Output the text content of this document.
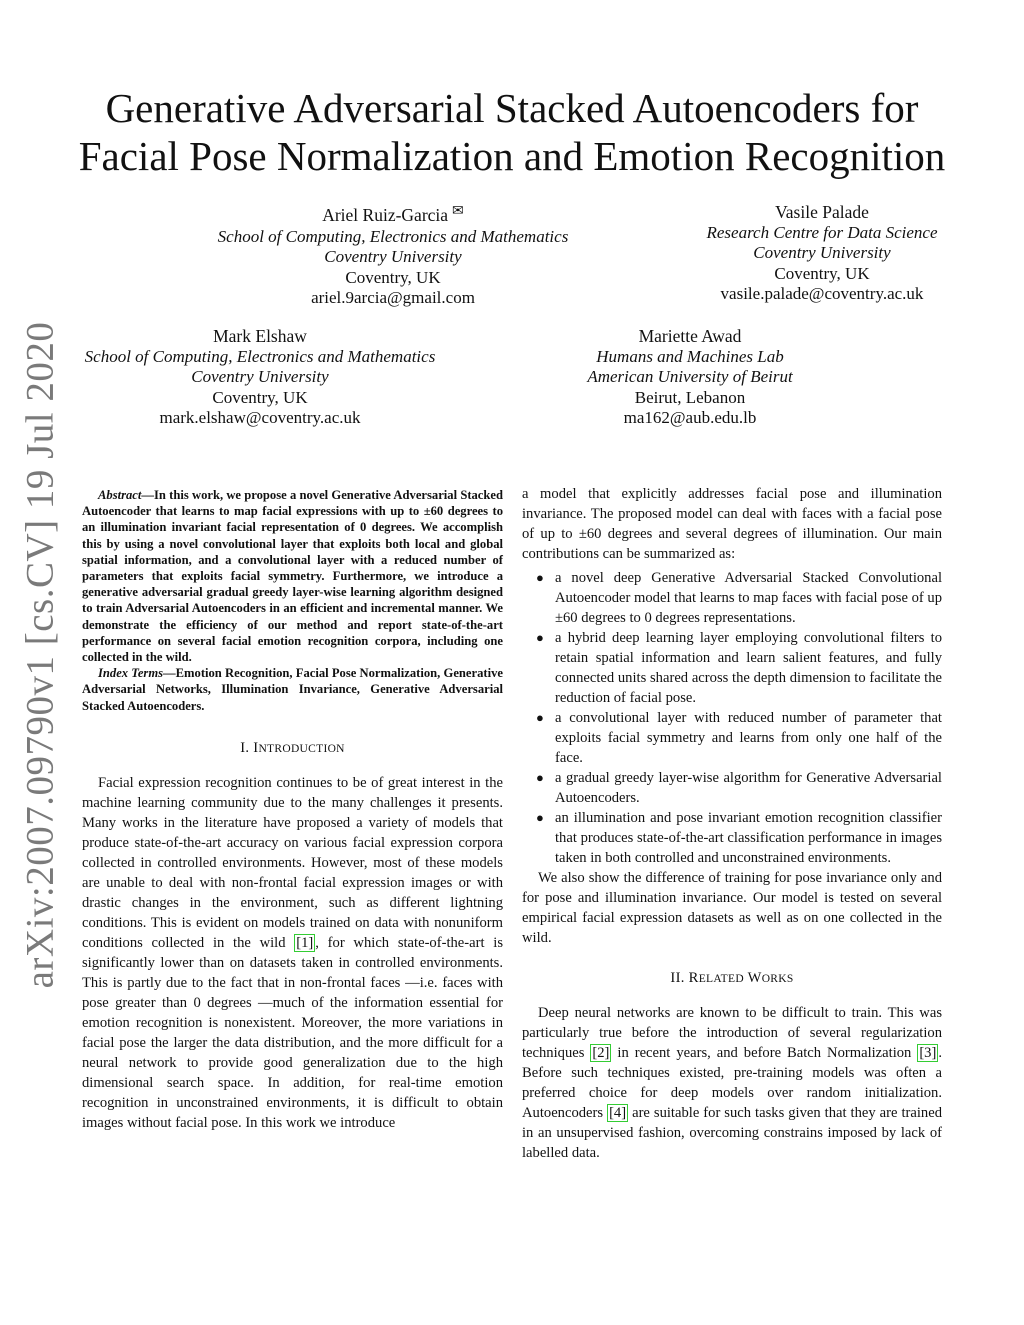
arXiv:2007.09790v1 [cs.CV] 19 Jul 2020
Generative Adversarial Stacked Autoencoders for
Facial Pose Normalization and Emotion Recognition
Ariel Ruiz-Garcia ✉
School of Computing, Electronics and Mathematics
Coventry University
Coventry, UK
ariel.9arcia@gmail.com
Vasile Palade
Research Centre for Data Science
Coventry University
Coventry, UK
vasile.palade@coventry.ac.uk
Mark Elshaw
School of Computing, Electronics and Mathematics
Coventry University
Coventry, UK
mark.elshaw@coventry.ac.uk
Mariette Awad
Humans and Machines Lab
American University of Beirut
Beirut, Lebanon
ma162@aub.edu.lb

Abstract—In this work, we propose a novel Generative Adversarial Stacked Autoencoder that learns to map facial expressions with up to ±60 degrees to an illumination invariant facial representation of 0 degrees. We accomplish this by using a novel convolutional layer that exploits both local and global spatial information, and a convolutional layer with a reduced number of parameters that exploits facial symmetry. Furthermore, we introduce a generative adversarial gradual greedy layer-wise learning algorithm designed to train Adversarial Autoencoders in an efficient and incremental manner. We demonstrate the efficiency of our method and report state-of-the-art performance on several facial emotion recognition corpora, including one collected in the wild.

Index Terms—Emotion Recognition, Facial Pose Normalization, Generative Adversarial Networks, Illumination Invariance, Generative Adversarial Stacked Autoencoders.

I. INTRODUCTION

Facial expression recognition continues to be of great interest in the machine learning community due to the many challenges it presents. Many works in the literature have proposed a variety of models that produce state-of-the-art accuracy on various facial expression corpora collected in controlled environments. However, most of these models are unable to deal with non-frontal facial expression images or with drastic changes in the environment, such as different lightning conditions. This is evident on models trained on data with nonuniform conditions collected in the wild [1] , for which state-of-the-art is significantly lower than on datasets taken in controlled environments. This is partly due to the fact that in non-frontal faces —i.e. faces with pose greater than 0 degrees —much of the information essential for emotion recognition is nonexistent. Moreover, the more variations in facial pose the larger the data distribution, and the more difficult for a neural network to provide good generalization due to the high dimensional search space. In addition, for real-time emotion recognition in unconstrained environments, it is difficult to obtain images without facial pose. In this work we introduce

a model that explicitly addresses facial pose and illumination invariance. The proposed model can deal with faces with a facial pose of up to ±60 degrees and several degrees of illumination. Our main contributions can be summarized as:

● a novel deep Generative Adversarial Stacked Convolutional Autoencoder model that learns to map faces with facial pose of up ±60 degrees to 0 degrees representations.
● a hybrid deep learning layer employing convolutional filters to retain spatial information and learn salient features, and fully connected units shared across the depth dimension to facilitate the reduction of facial pose.
● a convolutional layer with reduced number of parameter that exploits facial symmetry and learns from only one half of the face.
● a gradual greedy layer-wise algorithm for Generative Adversarial Autoencoders.
● an illumination and pose invariant emotion recognition classifier that produces state-of-the-art classification performance in images taken in both controlled and unconstrained environments.

We also show the difference of training for pose invariance only and for pose and illumination invariance. Our model is tested on several empirical facial expression datasets as well as on one collected in the wild.

II. RELATED WORKS

Deep neural networks are known to be difficult to train. This was particularly true before the introduction of several regularization techniques [2] in recent years, and before Batch Normalization [3] . Before such techniques existed, pre-training models was often a preferred choice for deep models over random initialization. Autoencoders [4] are suitable for such tasks given that they are trained in an unsupervised fashion, overcoming constrains imposed by lack of labelled data.
